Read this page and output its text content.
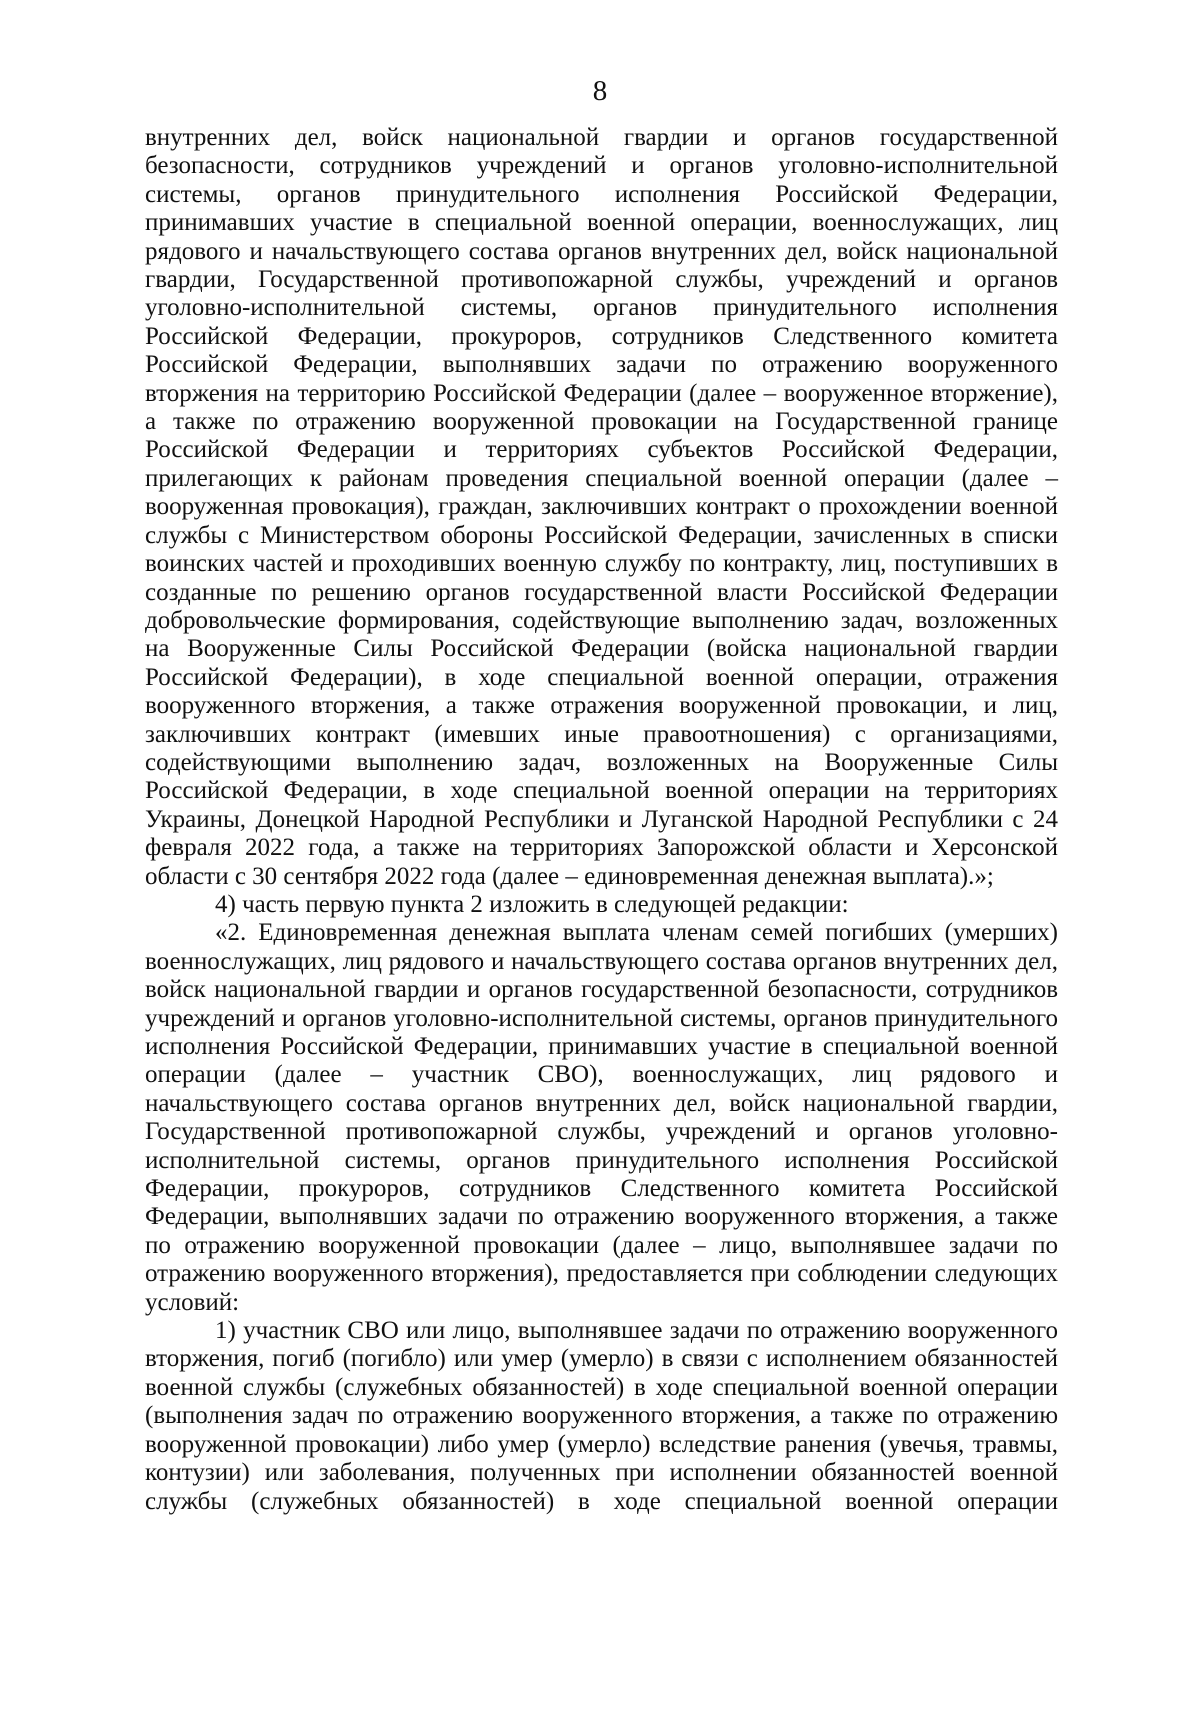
8

внутренних дел, войск национальной гвардии и органов государственной безопасности, сотрудников учреждений и органов уголовно-исполнительной системы, органов принудительного исполнения Российской Федерации, принимавших участие в специальной военной операции, военнослужащих, лиц рядового и начальствующего состава органов внутренних дел, войск национальной гвардии, Государственной противопожарной службы, учреждений и органов уголовно-исполнительной системы, органов принудительного исполнения Российской Федерации, прокуроров, сотрудников Следственного комитета Российской Федерации, выполнявших задачи по отражению вооруженного вторжения на территорию Российской Федерации (далее – вооруженное вторжение), а также по отражению вооруженной провокации на Государственной границе Российской Федерации и территориях субъектов Российской Федерации, прилегающих к районам проведения специальной военной операции (далее – вооруженная провокация), граждан, заключивших контракт о прохождении военной службы с Министерством обороны Российской Федерации, зачисленных в списки воинских частей и проходивших военную службу по контракту, лиц, поступивших в созданные по решению органов государственной власти Российской Федерации добровольческие формирования, содействующие выполнению задач, возложенных на Вооруженные Силы Российской Федерации (войска национальной гвардии Российской Федерации), в ходе специальной военной операции, отражения вооруженного вторжения, а также отражения вооруженной провокации, и лиц, заключивших контракт (имевших иные правоотношения) с организациями, содействующими выполнению задач, возложенных на Вооруженные Силы Российской Федерации, в ходе специальной военной операции на территориях Украины, Донецкой Народной Республики и Луганской Народной Республики с 24 февраля 2022 года, а также на территориях Запорожской области и Херсонской области с 30 сентября 2022 года (далее – единовременная денежная выплата).»;

4) часть первую пункта 2 изложить в следующей редакции:

«2. Единовременная денежная выплата членам семей погибших (умерших) военнослужащих, лиц рядового и начальствующего состава органов внутренних дел, войск национальной гвардии и органов государственной безопасности, сотрудников учреждений и органов уголовно-исполнительной системы, органов принудительного исполнения Российской Федерации, принимавших участие в специальной военной операции (далее – участник СВО), военнослужащих, лиц рядового и начальствующего состава органов внутренних дел, войск национальной гвардии, Государственной противопожарной службы, учреждений и органов уголовно-исполнительной системы, органов принудительного исполнения Российской Федерации, прокуроров, сотрудников Следственного комитета Российской Федерации, выполнявших задачи по отражению вооруженного вторжения, а также по отражению вооруженной провокации (далее – лицо, выполнявшее задачи по отражению вооруженного вторжения), предоставляется при соблюдении следующих условий:

1) участник СВО или лицо, выполнявшее задачи по отражению вооруженного вторжения, погиб (погибло) или умер (умерло) в связи с исполнением обязанностей военной службы (служебных обязанностей) в ходе специальной военной операции (выполнения задач по отражению вооруженного вторжения, а также по отражению вооруженной провокации) либо умер (умерло) вследствие ранения (увечья, травмы, контузии) или заболевания, полученных при исполнении обязанностей военной службы (служебных обязанностей) в ходе специальной военной операции
